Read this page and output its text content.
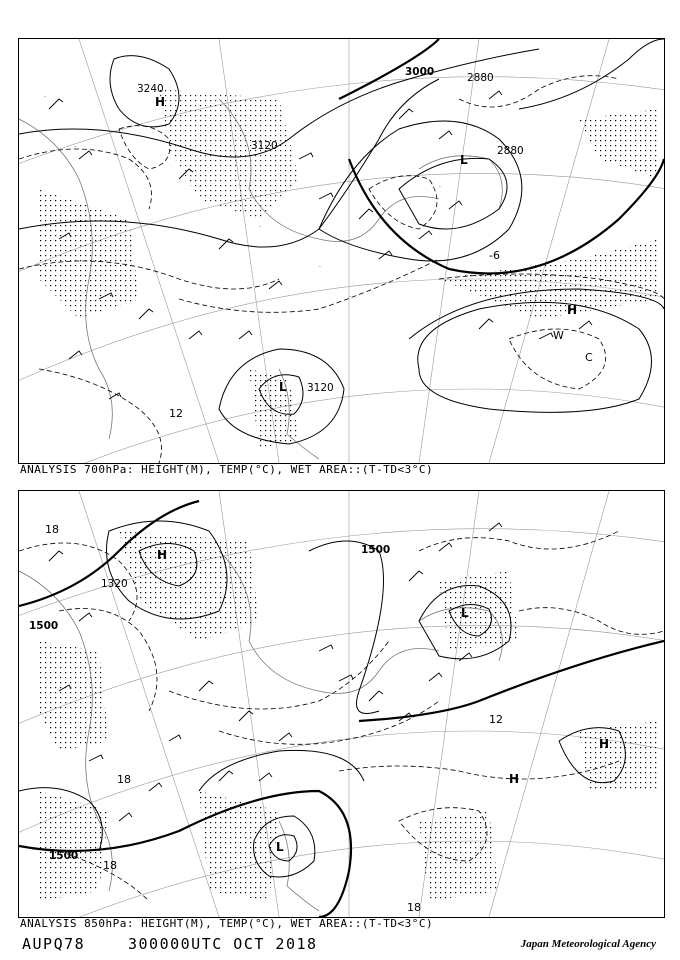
·
·
·
·
·
·
·
·
·
3240
3120
3000	2880
2880
3120
H
L
L
H
-6
12
C
W
ANALYSIS 700hPa: HEIGHT(M), TEMP(°C), WET AREA::(T-TD<3°C)
1500
1500
1500
1320
H
L
H
L
H
18
12
18
18
18
ANALYSIS 850hPa: HEIGHT(M), TEMP(°C), WET AREA::(T-TD<3°C)
AUPQ78	300000UTC OCT 2018	Japan Meteorological Agency
